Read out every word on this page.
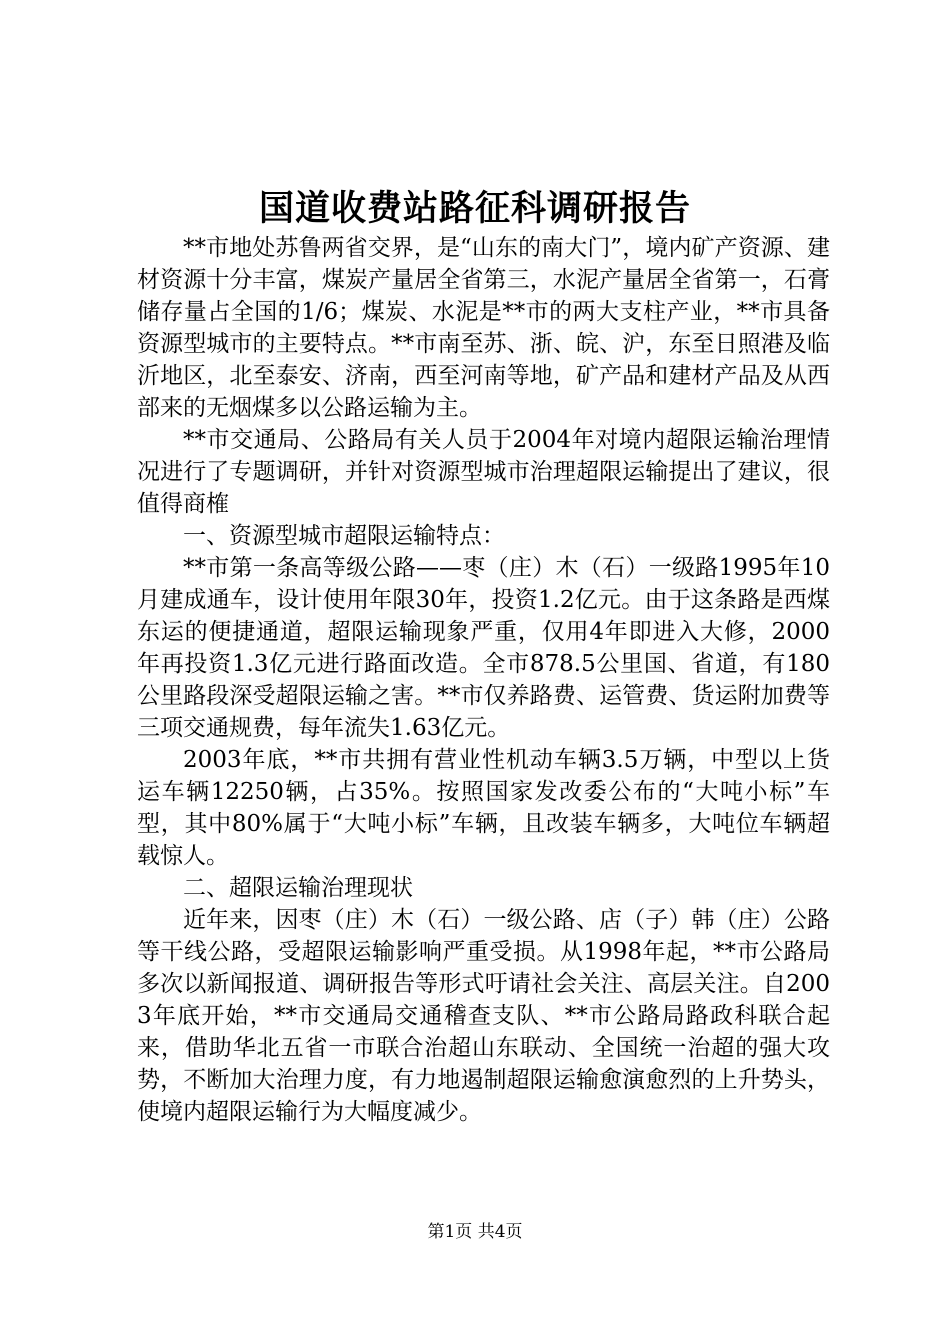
国道收费站路征科调研报告

**市地处苏鲁两省交界，是“山东的南大门”，境内矿产资源、建材资源十分丰富，煤炭产量居全省第三，水泥产量居全省第一，石膏储存量占全国的1/6；煤炭、水泥是**市的两大支柱产业，**市具备资源型城市的主要特点。**市南至苏、浙、皖、沪，东至日照港及临沂地区，北至泰安、济南，西至河南等地，矿产品和建材产品及从西部来的无烟煤多以公路运输为主。

**市交通局、公路局有关人员于2004年对境内超限运输治理情况进行了专题调研，并针对资源型城市治理超限运输提出了建议，很值得商榷

一、资源型城市超限运输特点：

**市第一条高等级公路——枣（庄）木（石）一级路1995年10月建成通车，设计使用年限30年，投资1.2亿元。由于这条路是西煤东运的便捷通道，超限运输现象严重，仅用4年即进入大修，2000年再投资1.3亿元进行路面改造。全市878.5公里国、省道，有180公里路段深受超限运输之害。**市仅养路费、运管费、货运附加费等三项交通规费，每年流失1.63亿元。

2003年底，**市共拥有营业性机动车辆3.5万辆，中型以上货运车辆12250辆，占35%。按照国家发改委公布的“大吨小标”车型，其中80%属于“大吨小标”车辆，且改装车辆多，大吨位车辆超载惊人。

二、超限运输治理现状

近年来，因枣（庄）木（石）一级公路、店（子）韩（庄）公路等干线公路，受超限运输影响严重受损。从1998年起，**市公路局多次以新闻报道、调研报告等形式吁请社会关注、高层关注。自2003年底开始，**市交通局交通稽查支队、**市公路局路政科联合起来，借助华北五省一市联合治超山东联动、全国统一治超的强大攻势，不断加大治理力度，有力地遏制超限运输愈演愈烈的上升势头，使境内超限运输行为大幅度减少。

第1页 共4页
